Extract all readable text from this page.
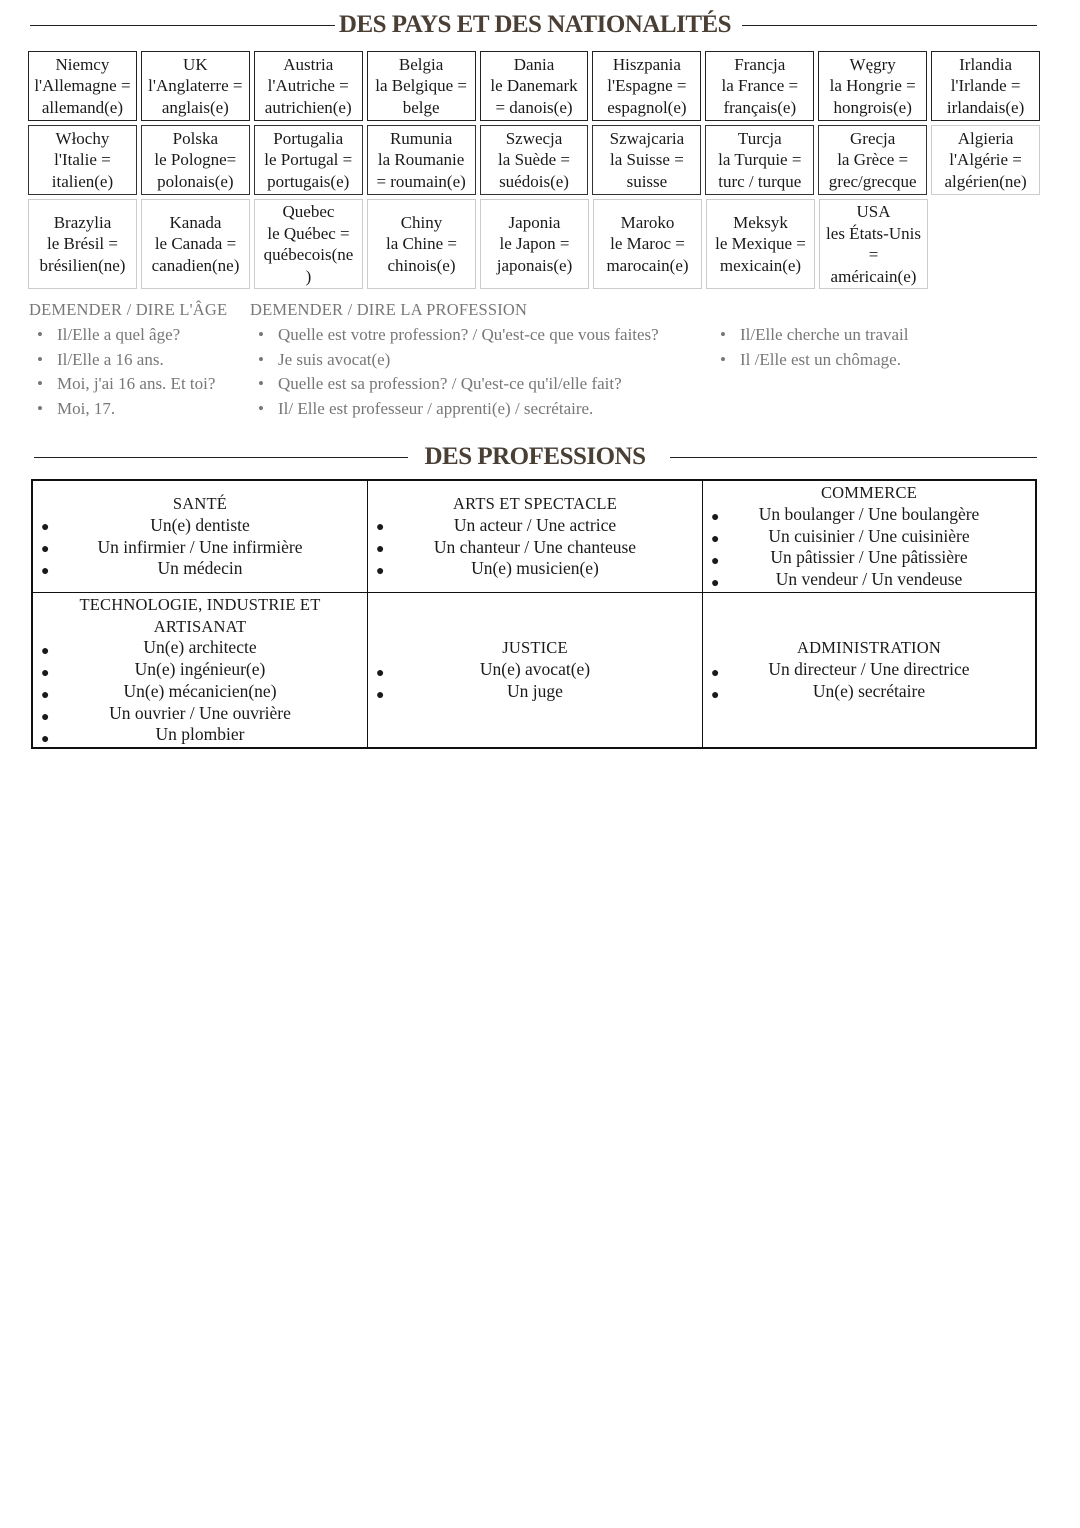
DES PAYS ET DES NATIONALITÉS
Niemcy
l'Allemagne =
allemand(e)
UK
l'Anglaterre =
anglais(e)
Austria
l'Autriche =
autrichien(e)
Belgia
la Belgique =
belge
Dania
le Danemark
= danois(e)
Hiszpania
l'Espagne =
espagnol(e)
Francja
la France =
français(e)
Węgry
la Hongrie =
hongrois(e)
Irlandia
l'Irlande =
irlandais(e)
Włochy
l'Italie =
italien(e)
Polska
le Pologne=
polonais(e)
Portugalia
le Portugal =
portugais(e)
Rumunia
la Roumanie
= roumain(e)
Szwecja
la Suède =
suédois(e)
Szwajcaria
la Suisse =
suisse
Turcja
la Turquie =
turc / turque
Grecja
la Grèce =
grec/grecque
Algieria
l'Algérie =
algérien(ne)
Brazylia
le Brésil =
brésilien(ne)
Kanada
le Canada =
canadien(ne)
Quebec
le Québec =
québecois(ne
)
Chiny
la Chine =
chinois(e)
Japonia
le Japon =
japonais(e)
Maroko
le Maroc =
marocain(e)
Meksyk
le Mexique =
mexicain(e)
USA
les États-Unis
=
américain(e)
DEMENDER / DIRE L'ÂGE
• Il/Elle a quel âge?
• Il/Elle a 16 ans.
• Moi, j'ai 16 ans. Et toi?
• Moi, 17.
DEMENDER / DIRE LA PROFESSION
• Quelle est votre profession? / Qu'est-ce que vous faites?
• Je suis avocat(e)
• Quelle est sa profession? / Qu'est-ce qu'il/elle fait?
• Il/ Elle est professeur / apprenti(e) / secrétaire.
• Il/Elle cherche un travail
• Il /Elle est un chômage.
DES PROFESSIONS
●
●
●
SANTÉ
Un(e) dentiste
Un infirmier / Une infirmière
Un médecin
●
●
●
ARTS ET SPECTACLE
Un acteur / Une actrice
Un chanteur / Une chanteuse
Un(e) musicien(e)
●
●
●
●
COMMERCE
Un boulanger / Une boulangère
Un cuisinier / Une cuisinière
Un pâtissier / Une pâtissière
Un vendeur / Un vendeuse
●
●
●
●
●
TECHNOLOGIE, INDUSTRIE ET
ARTISANAT
Un(e) architecte
Un(e) ingénieur(e)
Un(e) mécanicien(ne)
Un ouvrier / Une ouvrière
Un plombier
●
●
JUSTICE
Un(e) avocat(e)
Un juge
●
●
ADMINISTRATION
Un directeur / Une directrice
Un(e) secrétaire
